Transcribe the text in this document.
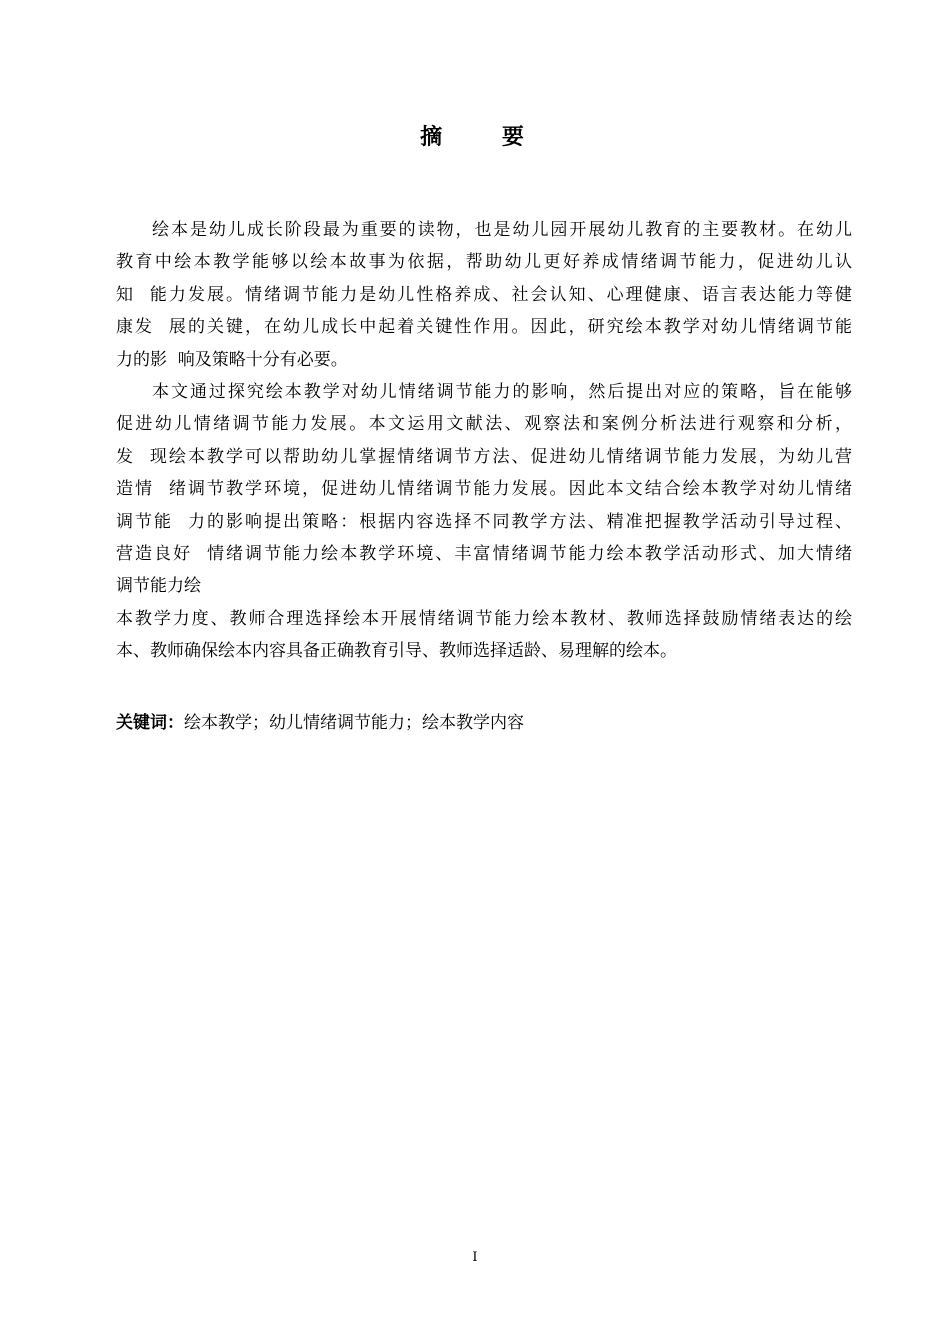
摘 要
绘本是幼儿成长阶段最为重要的读物，也是幼儿园开展幼儿教育的主要教材。在幼儿
教育中绘本教学能够以绘本故事为依据，帮助幼儿更好养成情绪调节能力，促进幼儿认
知  能力发展。情绪调节能力是幼儿性格养成、社会认知、心理健康、语言表达能力等健
康发  展的关键，在幼儿成长中起着关键性作用。因此，研究绘本教学对幼儿情绪调节能
力的影  响及策略十分有必要。
本文通过探究绘本教学对幼儿情绪调节能力的影响，然后提出对应的策略，旨在能够
促进幼儿情绪调节能力发展。本文运用文献法、观察法和案例分析法进行观察和分析，
发  现绘本教学可以帮助幼儿掌握情绪调节方法、促进幼儿情绪调节能力发展，为幼儿营
造情  绪调节教学环境，促进幼儿情绪调节能力发展。因此本文结合绘本教学对幼儿情绪
调节能  力的影响提出策略：根据内容选择不同教学方法、精准把握教学活动引导过程、
营造良好  情绪调节能力绘本教学环境、丰富情绪调节能力绘本教学活动形式、加大情绪
调节能力绘
本教学力度、教师合理选择绘本开展情绪调节能力绘本教材、教师选择鼓励情绪表达的绘
本、教师确保绘本内容具备正确教育引导、教师选择适龄、易理解的绘本。
关键词：绘本教学；幼儿情绪调节能力；绘本教学内容
I
